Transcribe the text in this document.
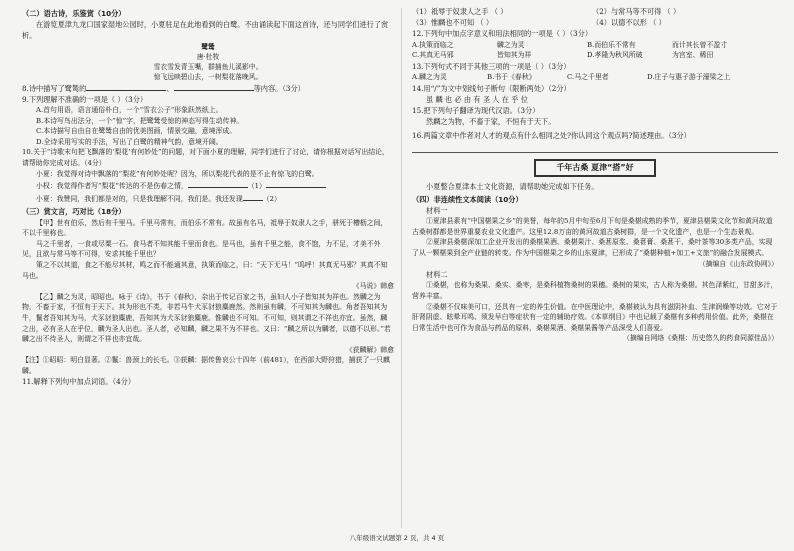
（二）语古诗，乐鉴赏（10分）

在游览夏津九龙口国家湿地公园时，小夏驻足在此地看到的白鹭。不由诵读起下面这首诗，还与同学们进行了赏析。

鹭鸶

唐·杜牧

雪衣雪发青玉嘴，群捕鱼儿溪影中。

惊飞远映碧山去，一树梨花落晚风。

8.诗中描写了鹭鸶的	、	等内容。（3分）

9.下列理解不准确的一项是（ ）（3分）

A.首句用语，语言通俗朴白，一个“雪衣公子”形象跃然纸上。

B.本诗写鸟出法分，一个“惊”字，把鹭鸶受惊的神态写得生动传神。

C.本诗描写自由自在鹭鸶自由的优美图画，情景交融，意境浑成。

D.全诗采用写实的手法，写出了白鹭的精神气韵，意境开阔。

10.关于“诗歌末句把飞飘落的‘梨花’有何妙处”的问题，对下面小夏的理解，同学们进行了讨论，请你根据对话写出结论，请帮助你完成对话。（4分）

小夏：我觉得对诗中飘落的“梨花”有何妙处呢？因为，所以梨花代表的是不止有惊飞的白鹭。

小权：我觉得作者写“梨花”传达的不是伤春之情，	（1）

小夏：我赞同，我们都是对的，只是我理解不同，我们是。我还发现	（2）

（三）赏文言，巧对比（18分）

【甲】世有伯乐，然后有千里马。千里马常有，而伯乐不常有。故虽有名马，祗辱于奴隶人之手，骈死于槽枥之间，不以千里称也。

马之千里者，一食或尽粟一石。食马者不知其能千里而食也。是马也，虽有千里之能，食不饱，力不足，才美不外见，且欲与常马等不可得，安求其能千里也？

策之不以其道，食之不能尽其材，鸣之而不能通其意，执策而临之，曰：“天下无马！”呜呼！其真无马邪？其真不知马也。

《马说》韩愈

【乙】麟之为灵，昭昭也。咏于《诗》，书于《春秋》，杂出于传记百家之书，虽妇人小子皆知其为祥也。然麟之为物，不畜于家，不恒有于天下。其为形也不类，非若马牛犬豕豺狼麋鹿然。然则虽有麟，不可知其为麟也。角者吾知其为牛，鬣者吾知其为马，犬豕豺狼麋鹿，吾知其为犬豕豺狼麋鹿。惟麟也不可知。不可知，则其谓之不祥也亦宜。虽然，麟之出，必有圣人在乎位，麟为圣人出也。圣人者，必知麟，麟之果不为不祥也。又曰：“麟之所以为麟者，以德不以形。”若麟之出不待圣人，则谓之不祥也亦宜哉。

《获麟解》韩愈

【注】①昭昭：明白显著。②鬣：兽颈上的长毛。③获麟：据传鲁哀公十四年（前481），在西部大野狩猎，捕获了一只麒麟。

11.解释下列句中加点词语。（4分）

（1）祗辱于奴隶人之手 （ ）	（2）与常马等不可得 （ ）

（3）惟麟也不可知 （ ）	（4）以德不以形 （ ）

12.下列句中加点字意义和用法相同的一项是（ ）（3分）

A.执策而临之	麟之为灵	B.而伯乐不常有	而计其长曾不盈寸

C.其真无马邪	皆知其为祥	D.孝隆为秋风所破	为宫室、稀田

13.下列句式不同于其他三项的一项是（ ）（3分）

A.麟之为灵	B.书于《春秋》	C.马之千里者	D.庄子与惠子游于濠梁之上

14.用“/”为文中划线句子断句（限断两处）（2分）

虽 麟 也 必 由 有 圣 人 在 乎 位

15.把下列句子翻译为现代汉语。（3分）

然麟之为物，不畜于家，不恒有于天下。

16.两篇文章中作者对人才的观点有什么相同之处?你认同这个观点吗?简述理由。（3分）

千年古桑 夏津“搭”好

小夏整合夏津本土文化资源，请帮助她完成如下任务。

（四）非连续性文本阅读（10分）

材料一

①夏津县素有“中国椹果之乡”的美誉，每年的5月中旬至6月下旬是桑椹成熟的季节，夏津县椹果文化节和黄河故道古桑树群都是世界重要农业文化遗产。这里12.8万亩的黄河故道古桑树群，是一个文化遗产，也是一个生态景观。

②夏津县桑椹深加工企业开发出的桑椹果酒、桑椹果汁、桑葚原浆、桑葚膏、桑葚干、桑叶茶等30多类产品，实现了从一颗椹果到全产业链的转变。作为中国椹果之乡的山东夏津，已形成了“桑椹种植+加工+文旅”的融合发展模式。

（摘编自《山东政协网》）

材料二

①桑椹，也称为桑果、桑实、桑枣，是桑科植物桑树的果穗。桑树的果实，古人称为桑椹。其色泽紫红，甘甜多汁，营养丰富。

②桑椹不仅味美可口，还具有一定的养生价值。在中医理论中，桑椹被认为具有滋阴补血、生津润燥等功效。它对于肝肾阴虚、眩晕耳鸣、须发早白等症状有一定的辅助疗效。《本草纲目》中也记载了桑椹有多种药用价值。此外，桑椹在日常生活中也可作为食品与药品的原料，桑椹果酒、桑椹果酱等产品深受人们喜爱。

（摘编自网络《桑椹：历史悠久的药食同源佳品》）

八年级语文试题第 2 页，共 4 页
